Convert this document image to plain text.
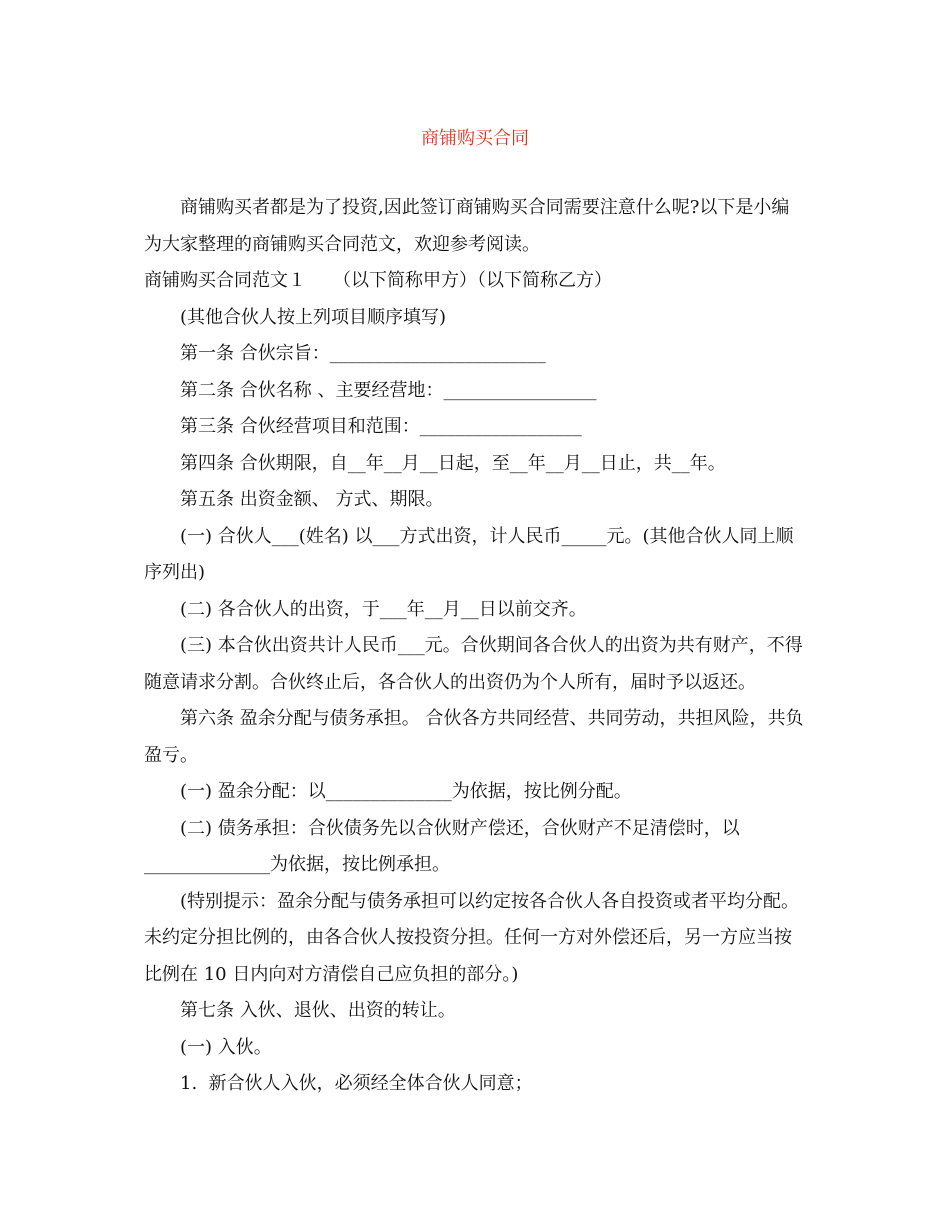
商铺购买合同

商铺购买者都是为了投资,因此签订商铺购买合同需要注意什么呢?以下是小编为大家整理的商铺购买合同范文，欢迎参考阅读。

商铺购买合同范文１　　（以下简称甲方）（以下简称乙方）

(其他合伙人按上列项目顺序填写)

第一条 合伙宗旨：________________________

第二条 合伙名称 、主要经营地：_________________

第三条 合伙经营项目和范围：__________________

第四条 合伙期限，自__年__月__日起，至__年__月__日止，共__年。

第五条 出资金额、 方式、期限。

(一) 合伙人___(姓名) 以___方式出资，计人民币_____元。(其他合伙人同上顺序列出)

(二) 各合伙人的出资，于___年__月__日以前交齐。

(三) 本合伙出资共计人民币___元。合伙期间各合伙人的出资为共有财产，不得随意请求分割。合伙终止后，各合伙人的出资仍为个人所有，届时予以返还。

第六条 盈余分配与债务承担。 合伙各方共同经营、共同劳动，共担风险，共负盈亏。

(一) 盈余分配：以______________为依据，按比例分配。

(二) 债务承担：合伙债务先以合伙财产偿还，合伙财产不足清偿时，以______________为依据，按比例承担。

(特别提示：盈余分配与债务承担可以约定按各合伙人各自投资或者平均分配。未约定分担比例的，由各合伙人按投资分担。任何一方对外偿还后，另一方应当按比例在 10 日内向对方清偿自己应负担的部分。)

第七条 入伙、退伙、出资的转让。

(一) 入伙。

1.  新合伙人入伙，必须经全体合伙人同意；
